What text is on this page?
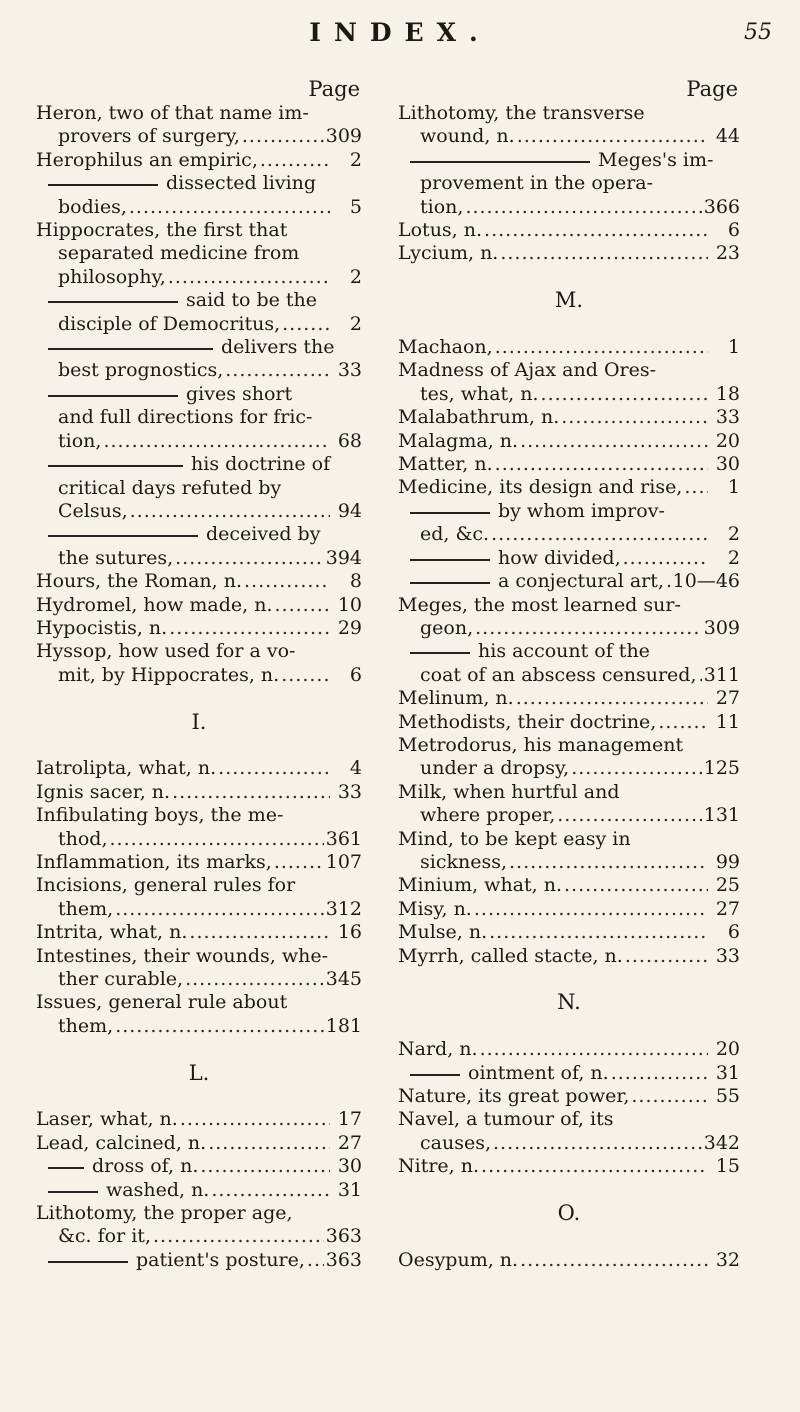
INDEX.	55
Page
Heron, two of that name im-
provers of surgery, .....	309
Herophilus an empiric, .....	2
dissected living
bodies, .....	5
Hippocrates, the first that
separated medicine from
philosophy, .....	2
said to be the
disciple of Democritus, .....	2
delivers the
best prognostics, .....	33
gives short
and full directions for fric-
tion, .....	68
his doctrine of
critical days refuted by
Celsus, .....	94
deceived by
the sutures, .....	394
Hours, the Roman, n. .....	8
Hydromel, how made, n. .....	10
Hypocistis, n. .....	29
Hyssop, how used for a vo-
mit, by Hippocrates, n. .....	6
I.
Iatrolipta, what, n. .....	4
Ignis sacer, n. .....	33
Infibulating boys, the me-
thod, .....	361
Inflammation, its marks, .....	107
Incisions, general rules for
them, .....	312
Intrita, what, n. .....	16
Intestines, their wounds, whe-
ther curable, .....	345
Issues, general rule about
them, .....	181
L.
Laser, what, n. .....	17
Lead, calcined, n. .....	27
dross of, n. .....	30
washed, n. .....	31
Lithotomy, the proper age,
&c. for it, .....	363
patient's posture, ..... 363
Page
Lithotomy, the transverse
wound, n. .....	44
Meges's im-
provement in the opera-
tion, .....	366
Lotus, n. .....	6
Lycium, n. .....	23
M.
Machaon, .....	1
Madness of Ajax and Ores-
tes, what, n. .....	18
Malabathrum, n. .....	33
Malagma, n. .....	20
Matter, n. .....	30
Medicine, its design and rise, .....	1
by whom improv-
ed, &c. .....	2
how divided, .....	2
a conjectural art, ..... 10—46
Meges, the most learned sur-
geon, .....	309
his account of the
coat of an abscess censured, ..... 311
Melinum, n. .....	27
Methodists, their doctrine, .....	11
Metrodorus, his management
under a dropsy, .....	125
Milk, when hurtful and
where proper, .....	131
Mind, to be kept easy in
sickness, .....	99
Minium, what, n. .....	25
Misy, n. .....	27
Mulse, n. .....	6
Myrrh, called stacte, n. .....	33
N.
Nard, n. .....	20
ointment of, n. .....	31
Nature, its great power, .....	55
Navel, a tumour of, its
causes, .....	342
Nitre, n. .....	15
O.
Oesypum, n. .....	32
